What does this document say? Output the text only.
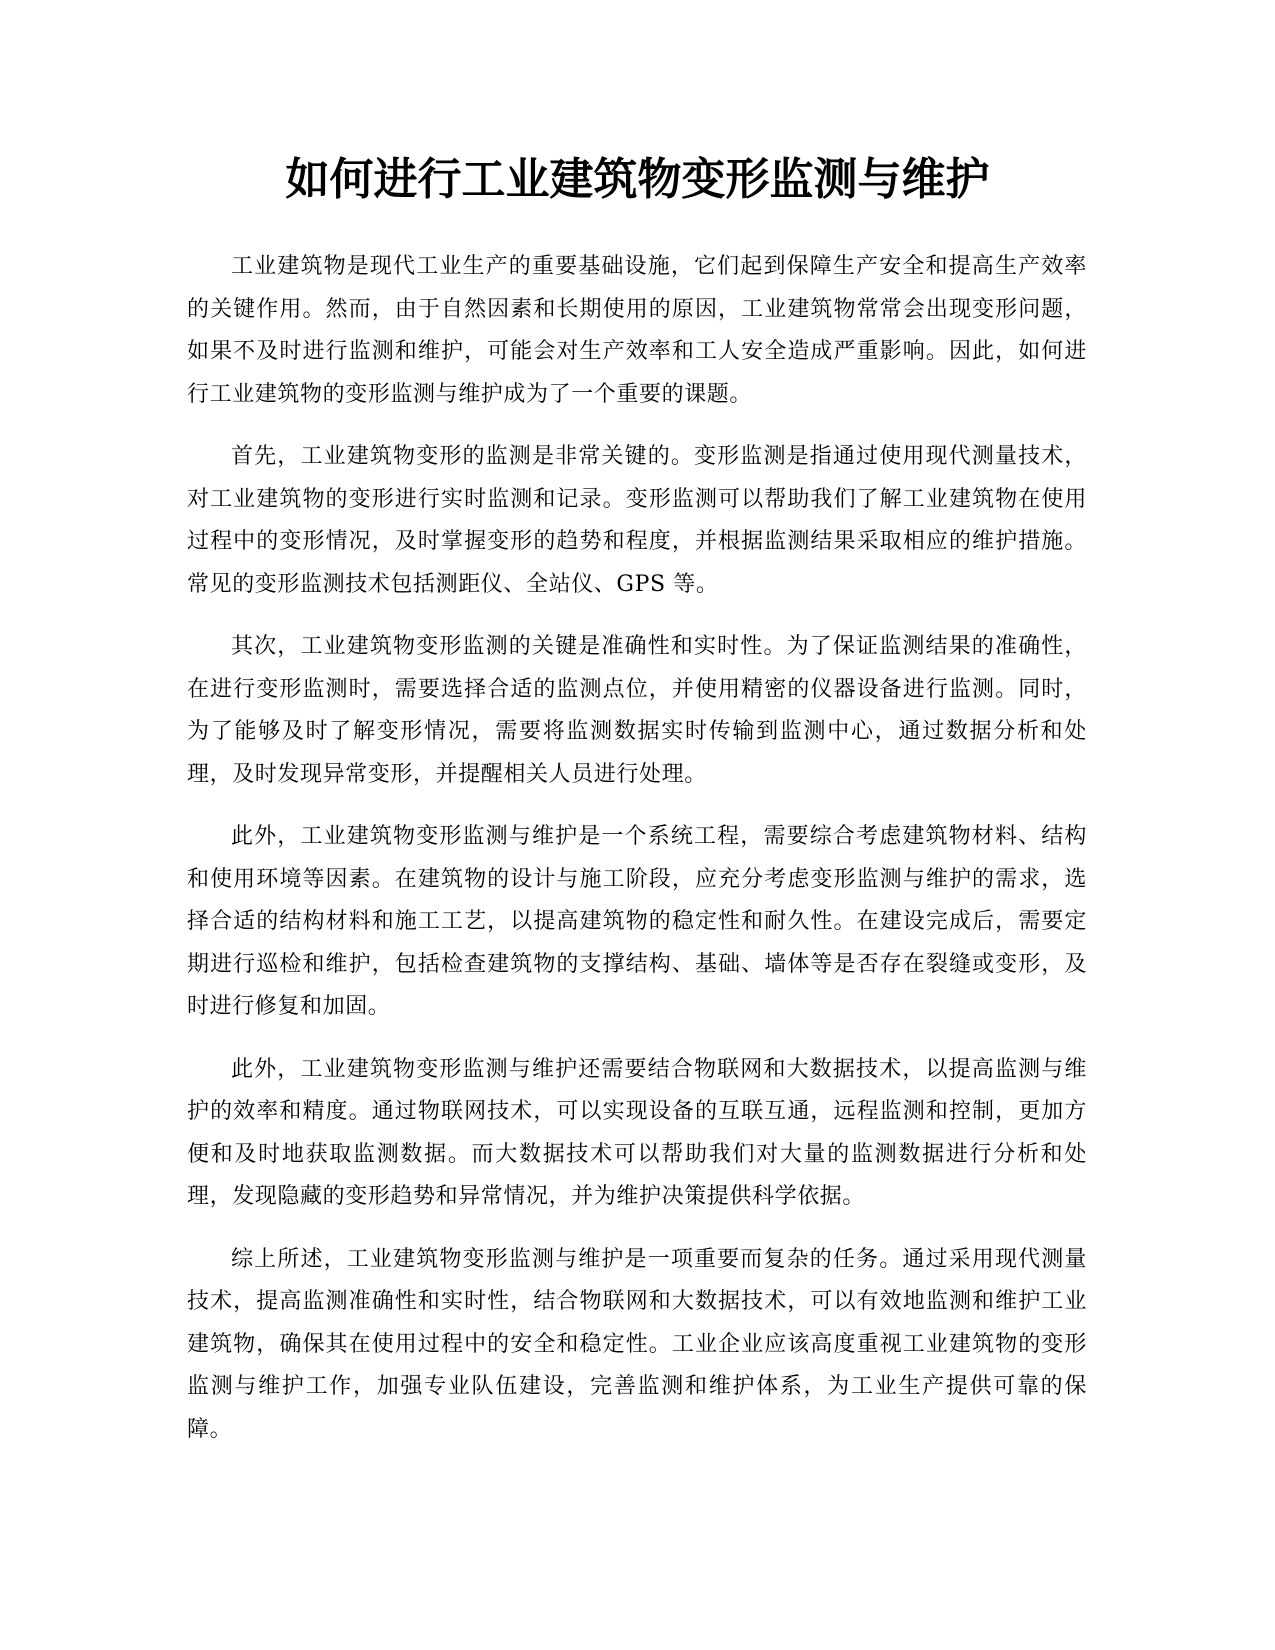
如何进行工业建筑物变形监测与维护

工业建筑物是现代工业生产的重要基础设施，它们起到保障生产安全和提高生产效率的关键作用。然而，由于自然因素和长期使用的原因，工业建筑物常常会出现变形问题，如果不及时进行监测和维护，可能会对生产效率和工人安全造成严重影响。因此，如何进行工业建筑物的变形监测与维护成为了一个重要的课题。

首先，工业建筑物变形的监测是非常关键的。变形监测是指通过使用现代测量技术，对工业建筑物的变形进行实时监测和记录。变形监测可以帮助我们了解工业建筑物在使用过程中的变形情况，及时掌握变形的趋势和程度，并根据监测结果采取相应的维护措施。常见的变形监测技术包括测距仪、全站仪、GPS 等。

其次，工业建筑物变形监测的关键是准确性和实时性。为了保证监测结果的准确性，在进行变形监测时，需要选择合适的监测点位，并使用精密的仪器设备进行监测。同时，为了能够及时了解变形情况，需要将监测数据实时传输到监测中心，通过数据分析和处理，及时发现异常变形，并提醒相关人员进行处理。

此外，工业建筑物变形监测与维护是一个系统工程，需要综合考虑建筑物材料、结构和使用环境等因素。在建筑物的设计与施工阶段，应充分考虑变形监测与维护的需求，选择合适的结构材料和施工工艺，以提高建筑物的稳定性和耐久性。在建设完成后，需要定期进行巡检和维护，包括检查建筑物的支撑结构、基础、墙体等是否存在裂缝或变形，及时进行修复和加固。

此外，工业建筑物变形监测与维护还需要结合物联网和大数据技术，以提高监测与维护的效率和精度。通过物联网技术，可以实现设备的互联互通，远程监测和控制，更加方便和及时地获取监测数据。而大数据技术可以帮助我们对大量的监测数据进行分析和处理，发现隐藏的变形趋势和异常情况，并为维护决策提供科学依据。

综上所述，工业建筑物变形监测与维护是一项重要而复杂的任务。通过采用现代测量技术，提高监测准确性和实时性，结合物联网和大数据技术，可以有效地监测和维护工业建筑物，确保其在使用过程中的安全和稳定性。工业企业应该高度重视工业建筑物的变形监测与维护工作，加强专业队伍建设，完善监测和维护体系，为工业生产提供可靠的保障。
